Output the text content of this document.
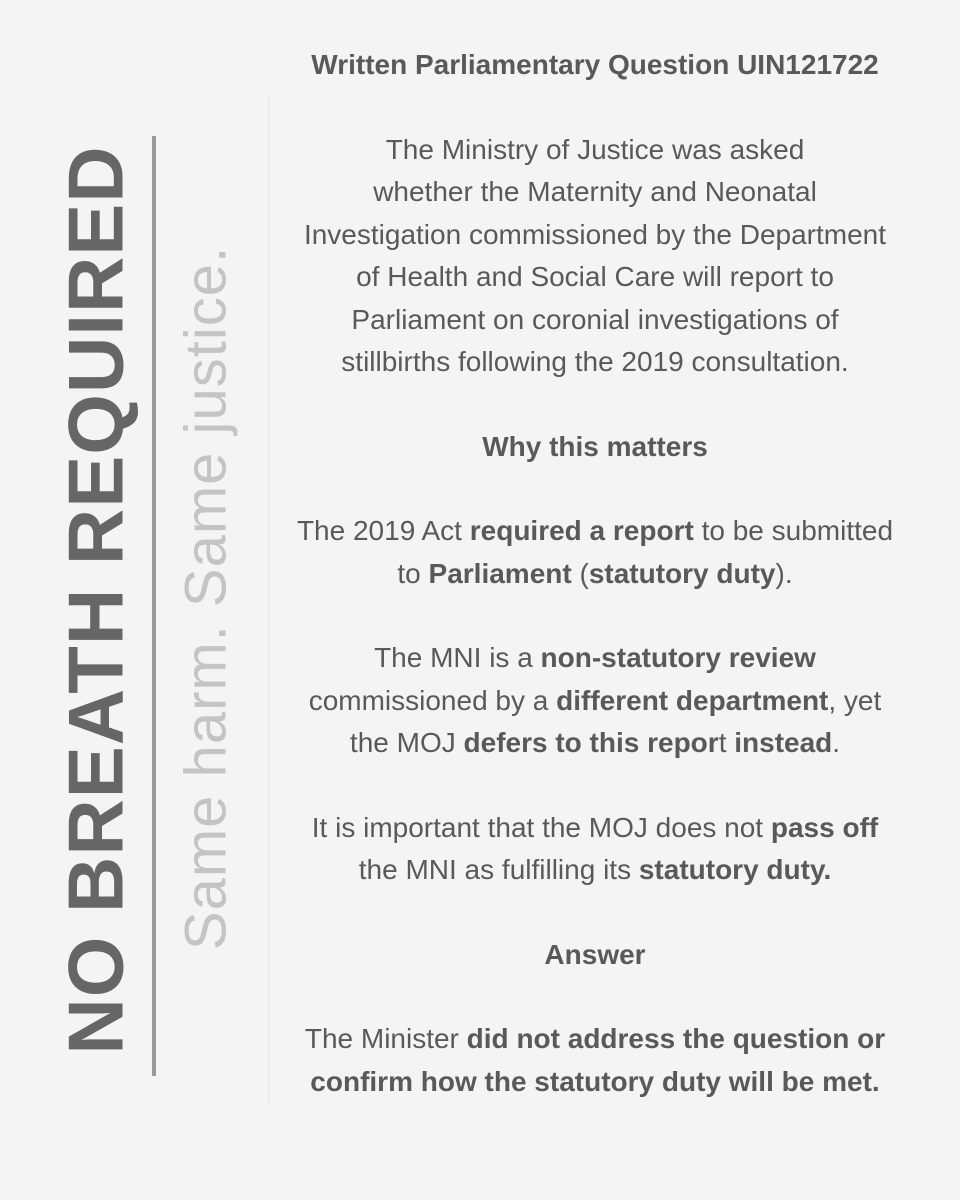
NO BREATH REQUIRED Same harm. Same justice.

Written Parliamentary Question UIN121722

The Ministry of Justice was asked

whether the Maternity and Neonatal

Investigation commissioned by the Department

of Health and Social Care will report to

Parliament on coronial investigations of

stillbirths following the 2019 consultation.

Why this matters

The 2019 Act required a report to be submitted

to Parliament (statutory duty).

The MNI is a non-statutory review

commissioned by a different department, yet

the MOJ defers to this report instead.

It is important that the MOJ does not pass off

the MNI as fulfilling its statutory duty.

Answer

The Minister did not address the question or

confirm how the statutory duty will be met.
